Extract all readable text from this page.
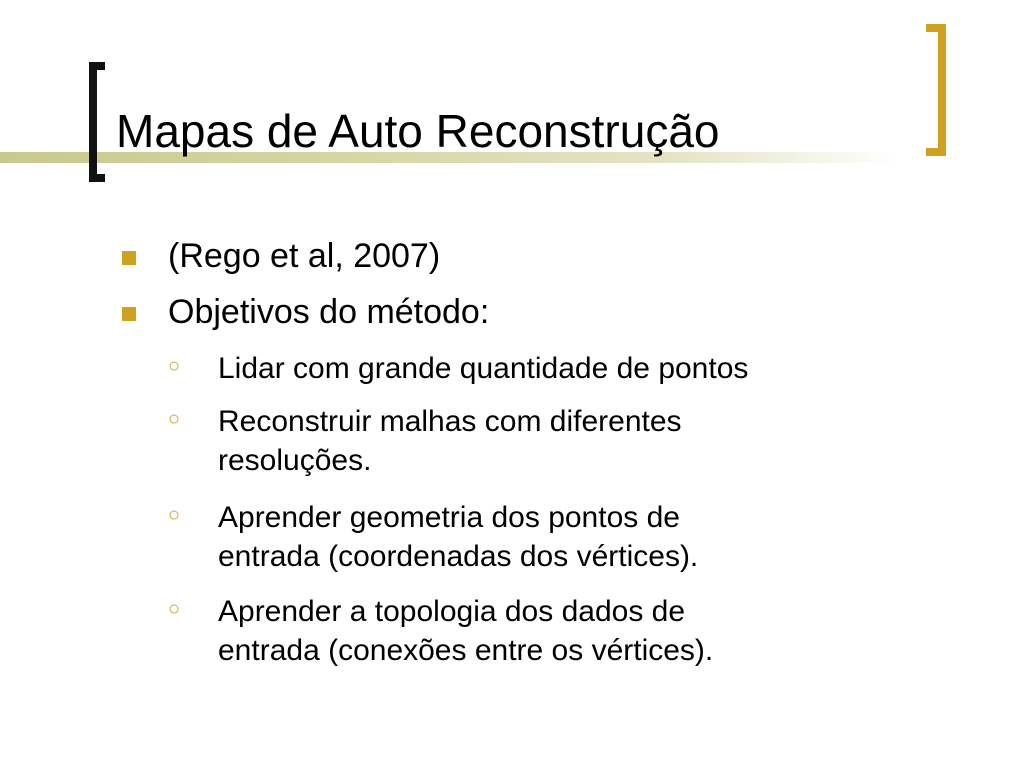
Mapas de Auto Reconstrução
(Rego et al, 2007)
Objetivos do método:
○ Lidar com grande quantidade de pontos
○ Reconstruir malhas com diferentes
resoluções.
○ Aprender geometria dos pontos de
entrada (coordenadas dos vértices).
○ Aprender a topologia dos dados de
entrada (conexões entre os vértices).
